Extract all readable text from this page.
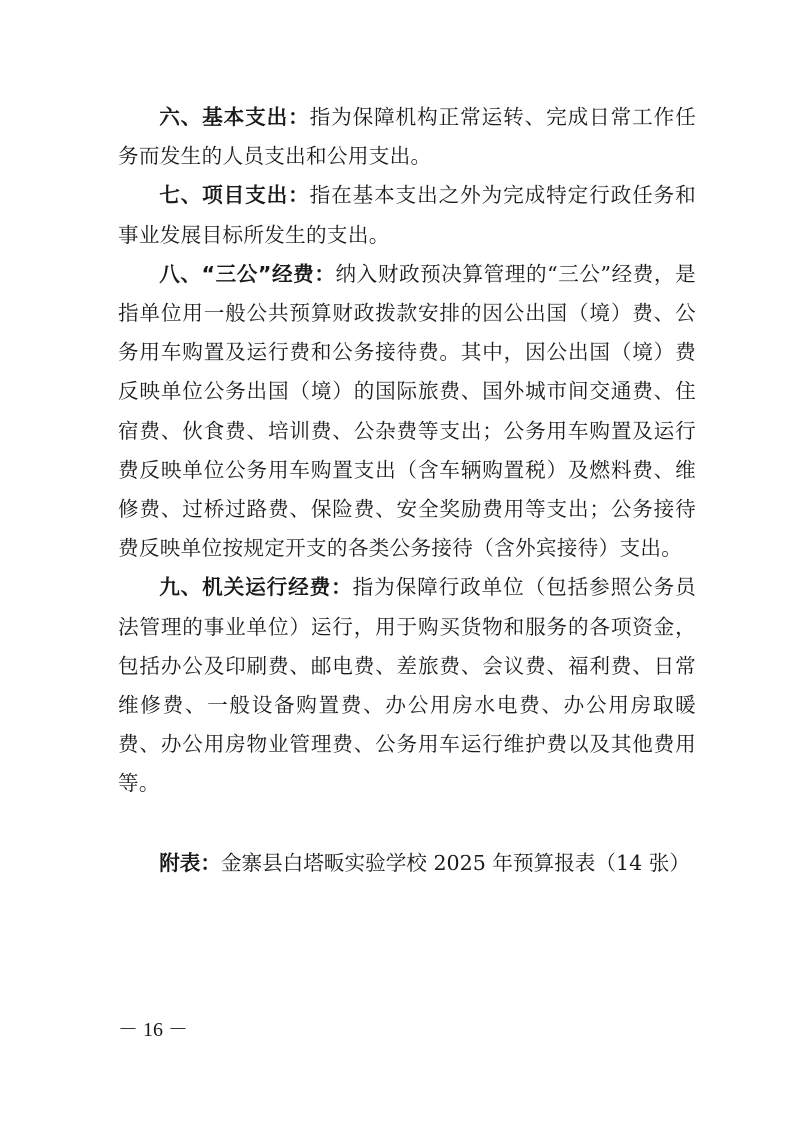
六、基本支出：指为保障机构正常运转、完成日常工作任务而发生的人员支出和公用支出。

七、项目支出：指在基本支出之外为完成特定行政任务和事业发展目标所发生的支出。

八、“三公”经费：纳入财政预决算管理的“三公”经费，是指单位用一般公共预算财政拨款安排的因公出国（境）费、公务用车购置及运行费和公务接待费。其中，因公出国（境）费反映单位公务出国（境）的国际旅费、国外城市间交通费、住宿费、伙食费、培训费、公杂费等支出；公务用车购置及运行费反映单位公务用车购置支出（含车辆购置税）及燃料费、维修费、过桥过路费、保险费、安全奖励费用等支出；公务接待费反映单位按规定开支的各类公务接待（含外宾接待）支出。

九、机关运行经费：指为保障行政单位（包括参照公务员法管理的事业单位）运行，用于购买货物和服务的各项资金，包括办公及印刷费、邮电费、差旅费、会议费、福利费、日常维修费、一般设备购置费、办公用房水电费、办公用房取暖费、办公用房物业管理费、公务用车运行维护费以及其他费用等。

附表：金寨县白塔畈实验学校 2025 年预算报表（14 张）
－ 16 －
